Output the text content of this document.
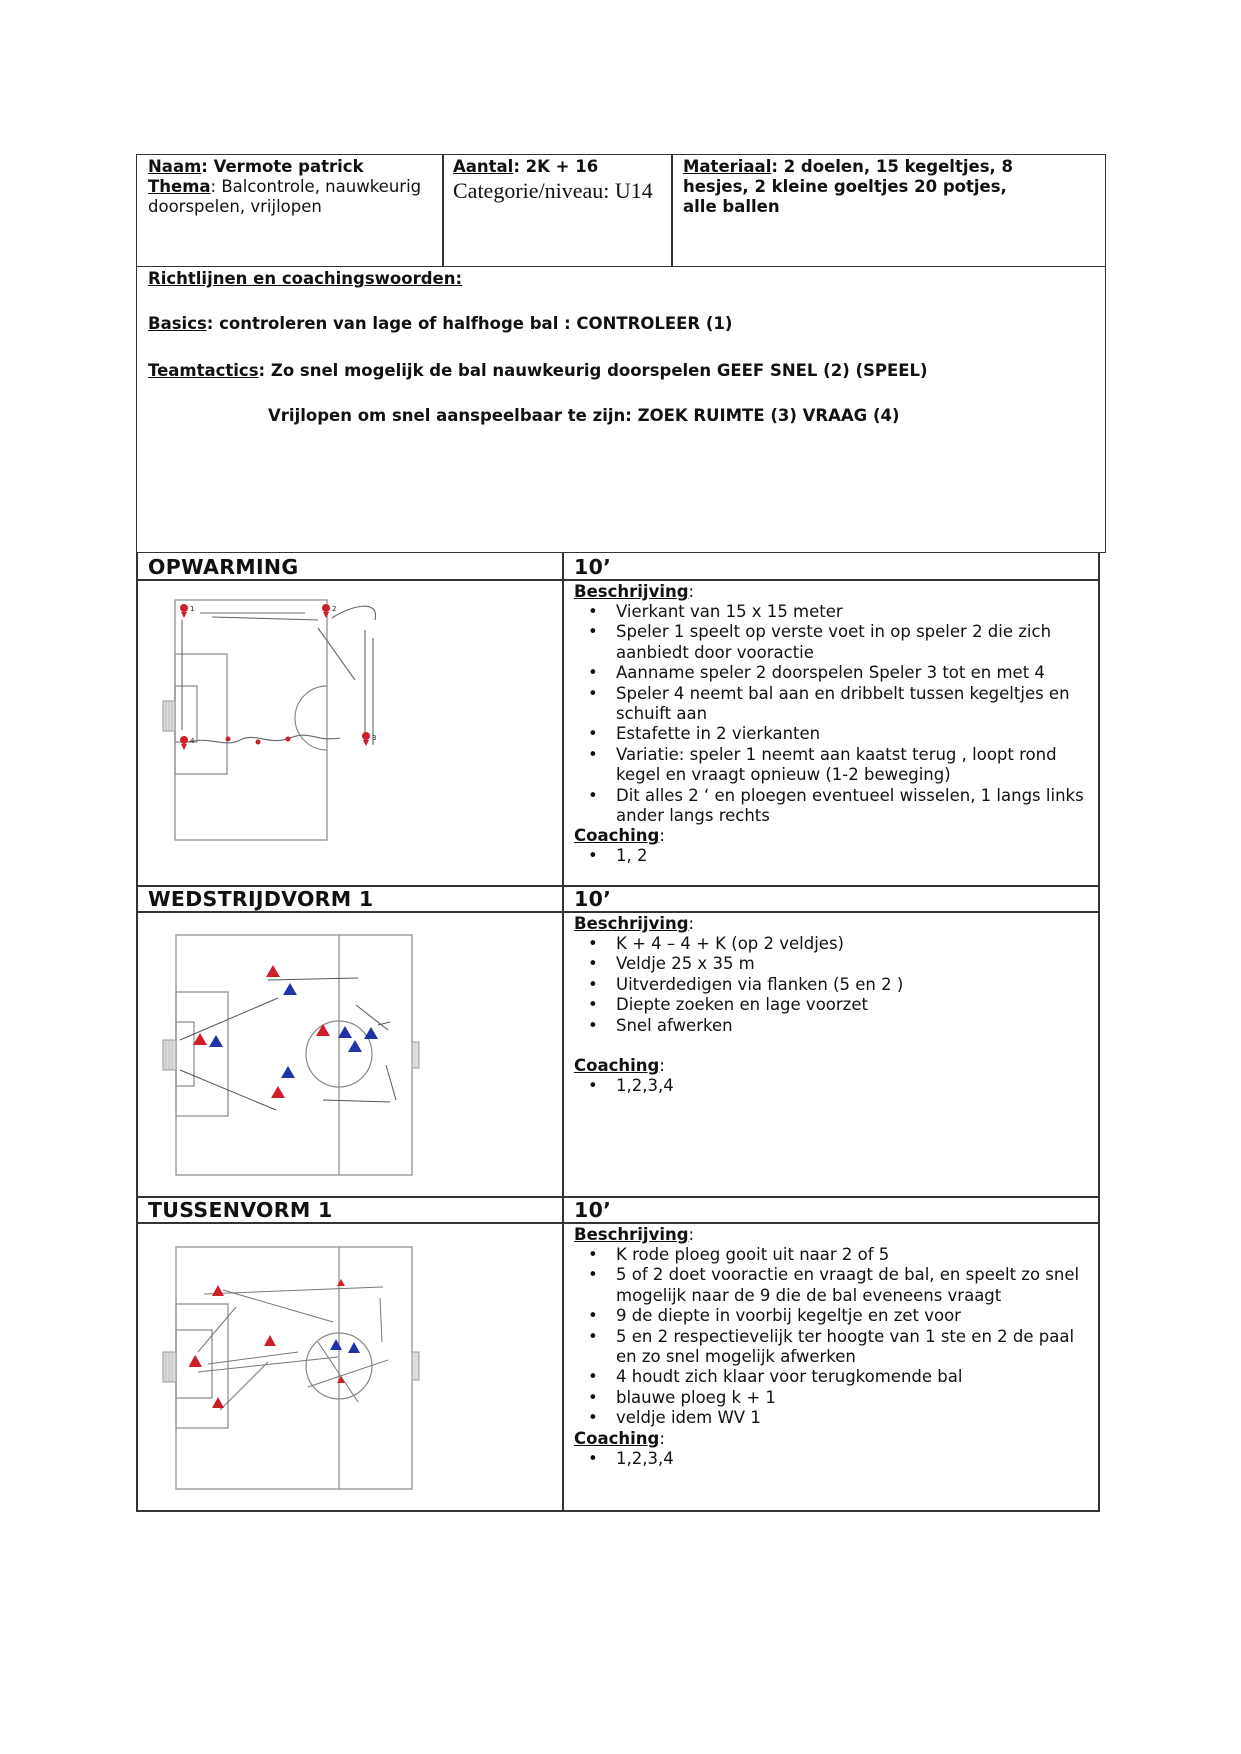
Naam: Vermote patrick
Thema: Balcontrole, nauwkeurig doorspelen, vrijlopen
Aantal: 2K + 16
Categorie/niveau: U14
Materiaal: 2 doelen, 15 kegeltjes, 8 hesjes, 2 kleine goeltjes 20 potjes, alle ballen
Richtlijnen en coachingswoorden:
Basics: controleren van lage of halfhoge bal : CONTROLEER (1)
Teamtactics: Zo snel mogelijk de bal nauwkeurig doorspelen GEEF SNEL (2) (SPEEL)
Vrijlopen om snel aanspeelbaar te zijn: ZOEK RUIMTE (3) VRAAG (4)
OPWARMING	10’
1	2
4	3
Beschrijving:
• Vierkant van 15 x 15 meter
• Speler 1 speelt op verste voet in op speler 2 die zich aanbiedt door vooractie
• Aanname speler 2 doorspelen Speler 3 tot en met 4
• Speler 4 neemt bal aan en dribbelt tussen kegeltjes en schuift aan
• Estafette in 2 vierkanten
• Variatie: speler 1 neemt aan kaatst terug , loopt rond kegel en vraagt opnieuw (1-2 beweging)
• Dit alles 2 ‘ en ploegen eventueel wisselen, 1 langs links ander langs rechts
Coaching:
• 1, 2
WEDSTRIJDVORM 1	10’
Beschrijving:
• K + 4 – 4 + K (op 2 veldjes)
• Veldje 25 x 35 m
• Uitverdedigen via flanken (5 en 2 )
• Diepte zoeken en lage voorzet
• Snel afwerken
Coaching:
• 1,2,3,4
TUSSENVORM 1	10’
Beschrijving:
• K rode ploeg gooit uit naar 2 of 5
• 5 of 2 doet vooractie en vraagt de bal, en speelt zo snel mogelijk naar de 9 die de bal eveneens vraagt
• 9 de diepte in voorbij kegeltje en zet voor
• 5 en 2 respectievelijk ter hoogte van 1 ste en 2 de paal en zo snel mogelijk afwerken
• 4 houdt zich klaar voor terugkomende bal
• blauwe ploeg k + 1
• veldje idem WV 1
Coaching:
• 1,2,3,4
